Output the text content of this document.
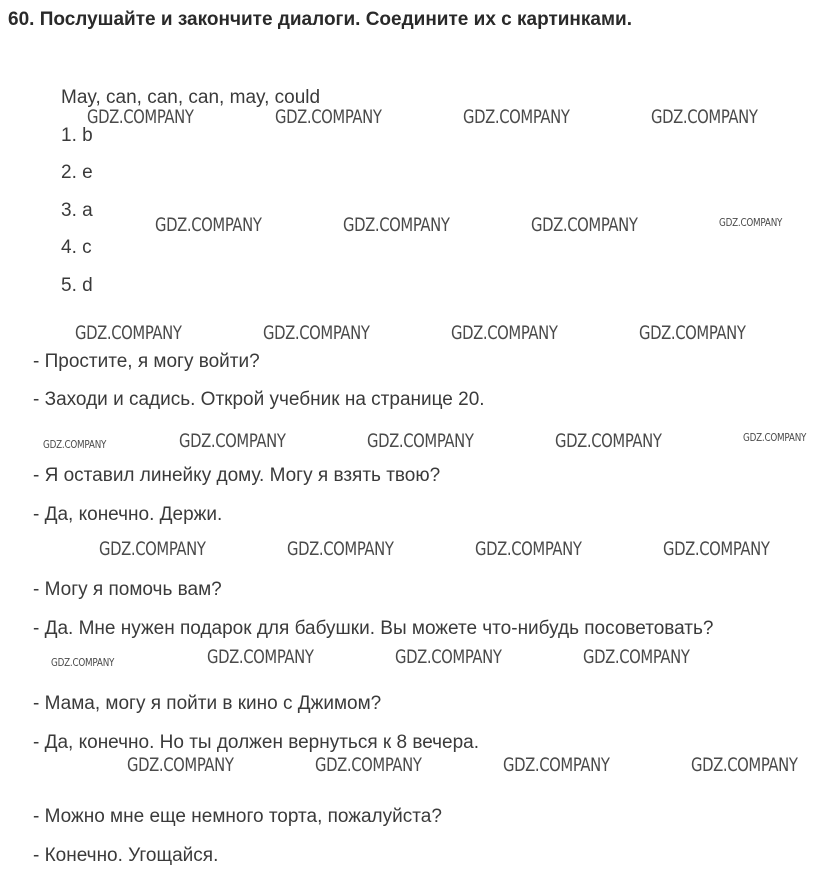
60. Послушайте и закончите диалоги. Соедините их с картинками.
May, can, can, can, may, could
1. b
2. e
3. a
4. c
5. d
- Простите, я могу войти?
- Заходи и садись. Открой учебник на странице 20.
- Я оставил линейку дому. Могу я взять твою?
- Да, конечно. Держи.
- Могу я помочь вам?
- Да. Мне нужен подарок для бабушки. Вы можете что-нибудь посоветовать?
- Мама, могу я пойти в кино с Джимом?
- Да, конечно. Но ты должен вернуться к 8 вечера.
- Можно мне еще немного торта, пожалуйста?
- Конечно. Угощайся.
GDZ.COMPANY	GDZ.COMPANY	GDZ.COMPANY	GDZ.COMPANY
GDZ.COMPANY	GDZ.COMPANY	GDZ.COMPANY	GDZ.COMPANY
GDZ.COMPANY	GDZ.COMPANY	GDZ.COMPANY	GDZ.COMPANY
GDZ.COMPANY	GDZ.COMPANY	GDZ.COMPANY	GDZ.COMPANY	GDZ.COMPANY
GDZ.COMPANY	GDZ.COMPANY	GDZ.COMPANY	GDZ.COMPANY
GDZ.COMPANY	GDZ.COMPANY	GDZ.COMPANY	GDZ.COMPANY
GDZ.COMPANY	GDZ.COMPANY	GDZ.COMPANY	GDZ.COMPANY
